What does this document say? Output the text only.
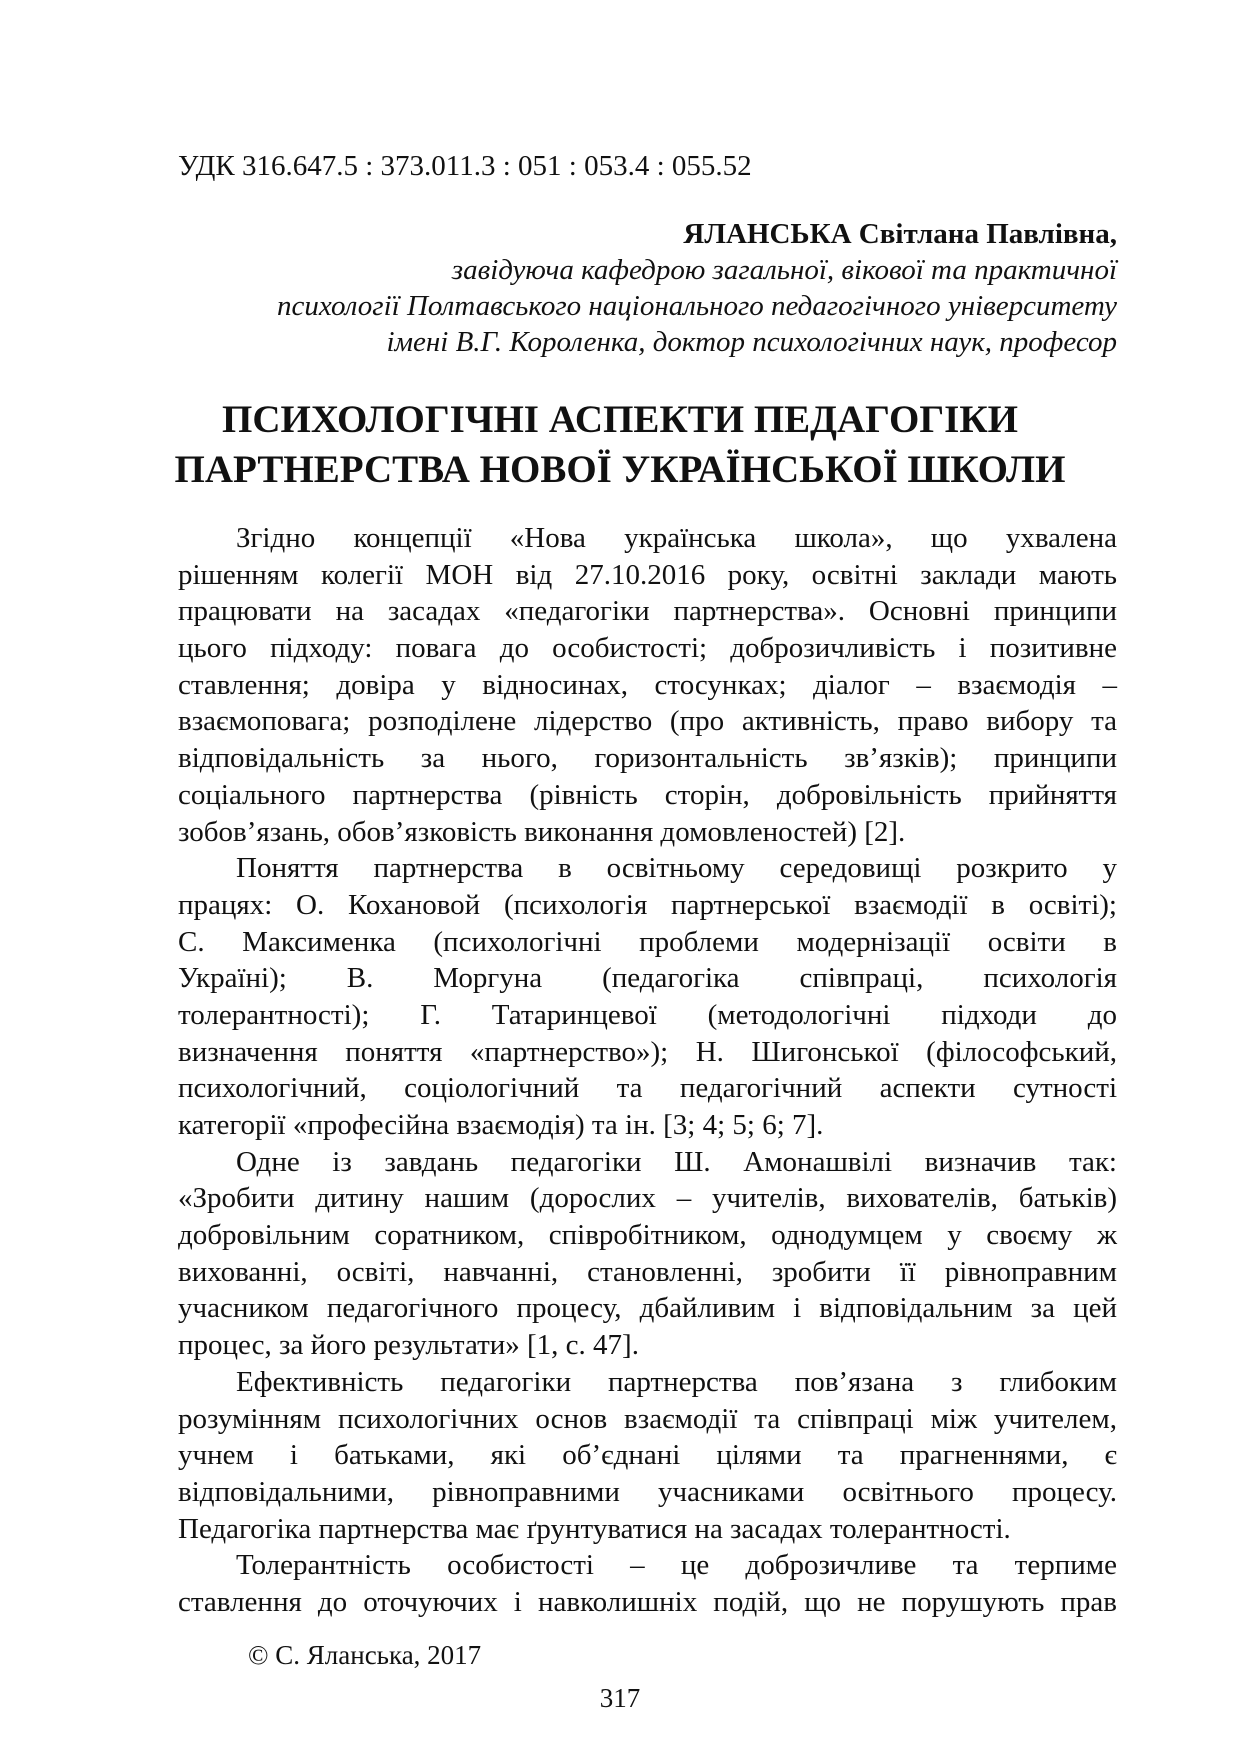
УДК 316.647.5 : 373.011.3 : 051 : 053.4 : 055.52
ЯЛАНСЬКА Світлана Павлівна,
завідуюча кафедрою загальної, вікової та практичної
психології Полтавського національного педагогічного університету
імені В.Г. Короленка, доктор психологічних наук, професор
ПСИХОЛОГІЧНІ АСПЕКТИ ПЕДАГОГІКИ
ПАРТНЕРСТВА НОВОЇ УКРАЇНСЬКОЇ ШКОЛИ
Згідно концепції «Нова українська школа», що ухвалена
рішенням колегії МОН від 27.10.2016 року, освітні заклади мають
працювати на засадах «педагогіки партнерства». Основні принципи
цього підходу: повага до особистості; доброзичливість і позитивне
ставлення; довіра у відносинах, стосунках; діалог – взаємодія –
взаємоповага; розподілене лідерство (про активність, право вибору та
відповідальність за нього, горизонтальність зв’язків); принципи
соціального партнерства (рівність сторін, добровільність прийняття
зобов’язань, обов’язковість виконання домовленостей) [2].
Поняття партнерства в освітньому середовищі розкрито у
працях: О. Кохановой (психологія партнерської взаємодії в освіті);
С. Максименка (психологічні проблеми модернізації освіти в
Україні); В. Моргуна (педагогіка співпраці, психологія
толерантності); Г. Татаринцевої (методологічні підходи до
визначення поняття «партнерство»); Н. Шигонської (філософський,
психологічний, соціологічний та педагогічний аспекти сутності
категорії «професійна взаємодія) та ін. [3; 4; 5; 6; 7].
Одне із завдань педагогіки Ш. Амонашвілі визначив так:
«Зробити дитину нашим (дорослих – учителів, вихователів, батьків)
добровільним соратником, співробітником, однодумцем у своєму ж
вихованні, освіті, навчанні, становленні, зробити її рівноправним
учасником педагогічного процесу, дбайливим і відповідальним за цей
процес, за його результати» [1, с. 47].
Ефективність педагогіки партнерства пов’язана з глибоким
розумінням психологічних основ взаємодії та співпраці між учителем,
учнем і батьками, які об’єднані цілями та прагненнями, є
відповідальними, рівноправними учасниками освітнього процесу.
Педагогіка партнерства має ґрунтуватися на засадах толерантності.
Толерантність особистості – це доброзичливе та терпиме
ставлення до оточуючих і навколишніх подій, що не порушують прав
© С. Яланська, 2017
317
